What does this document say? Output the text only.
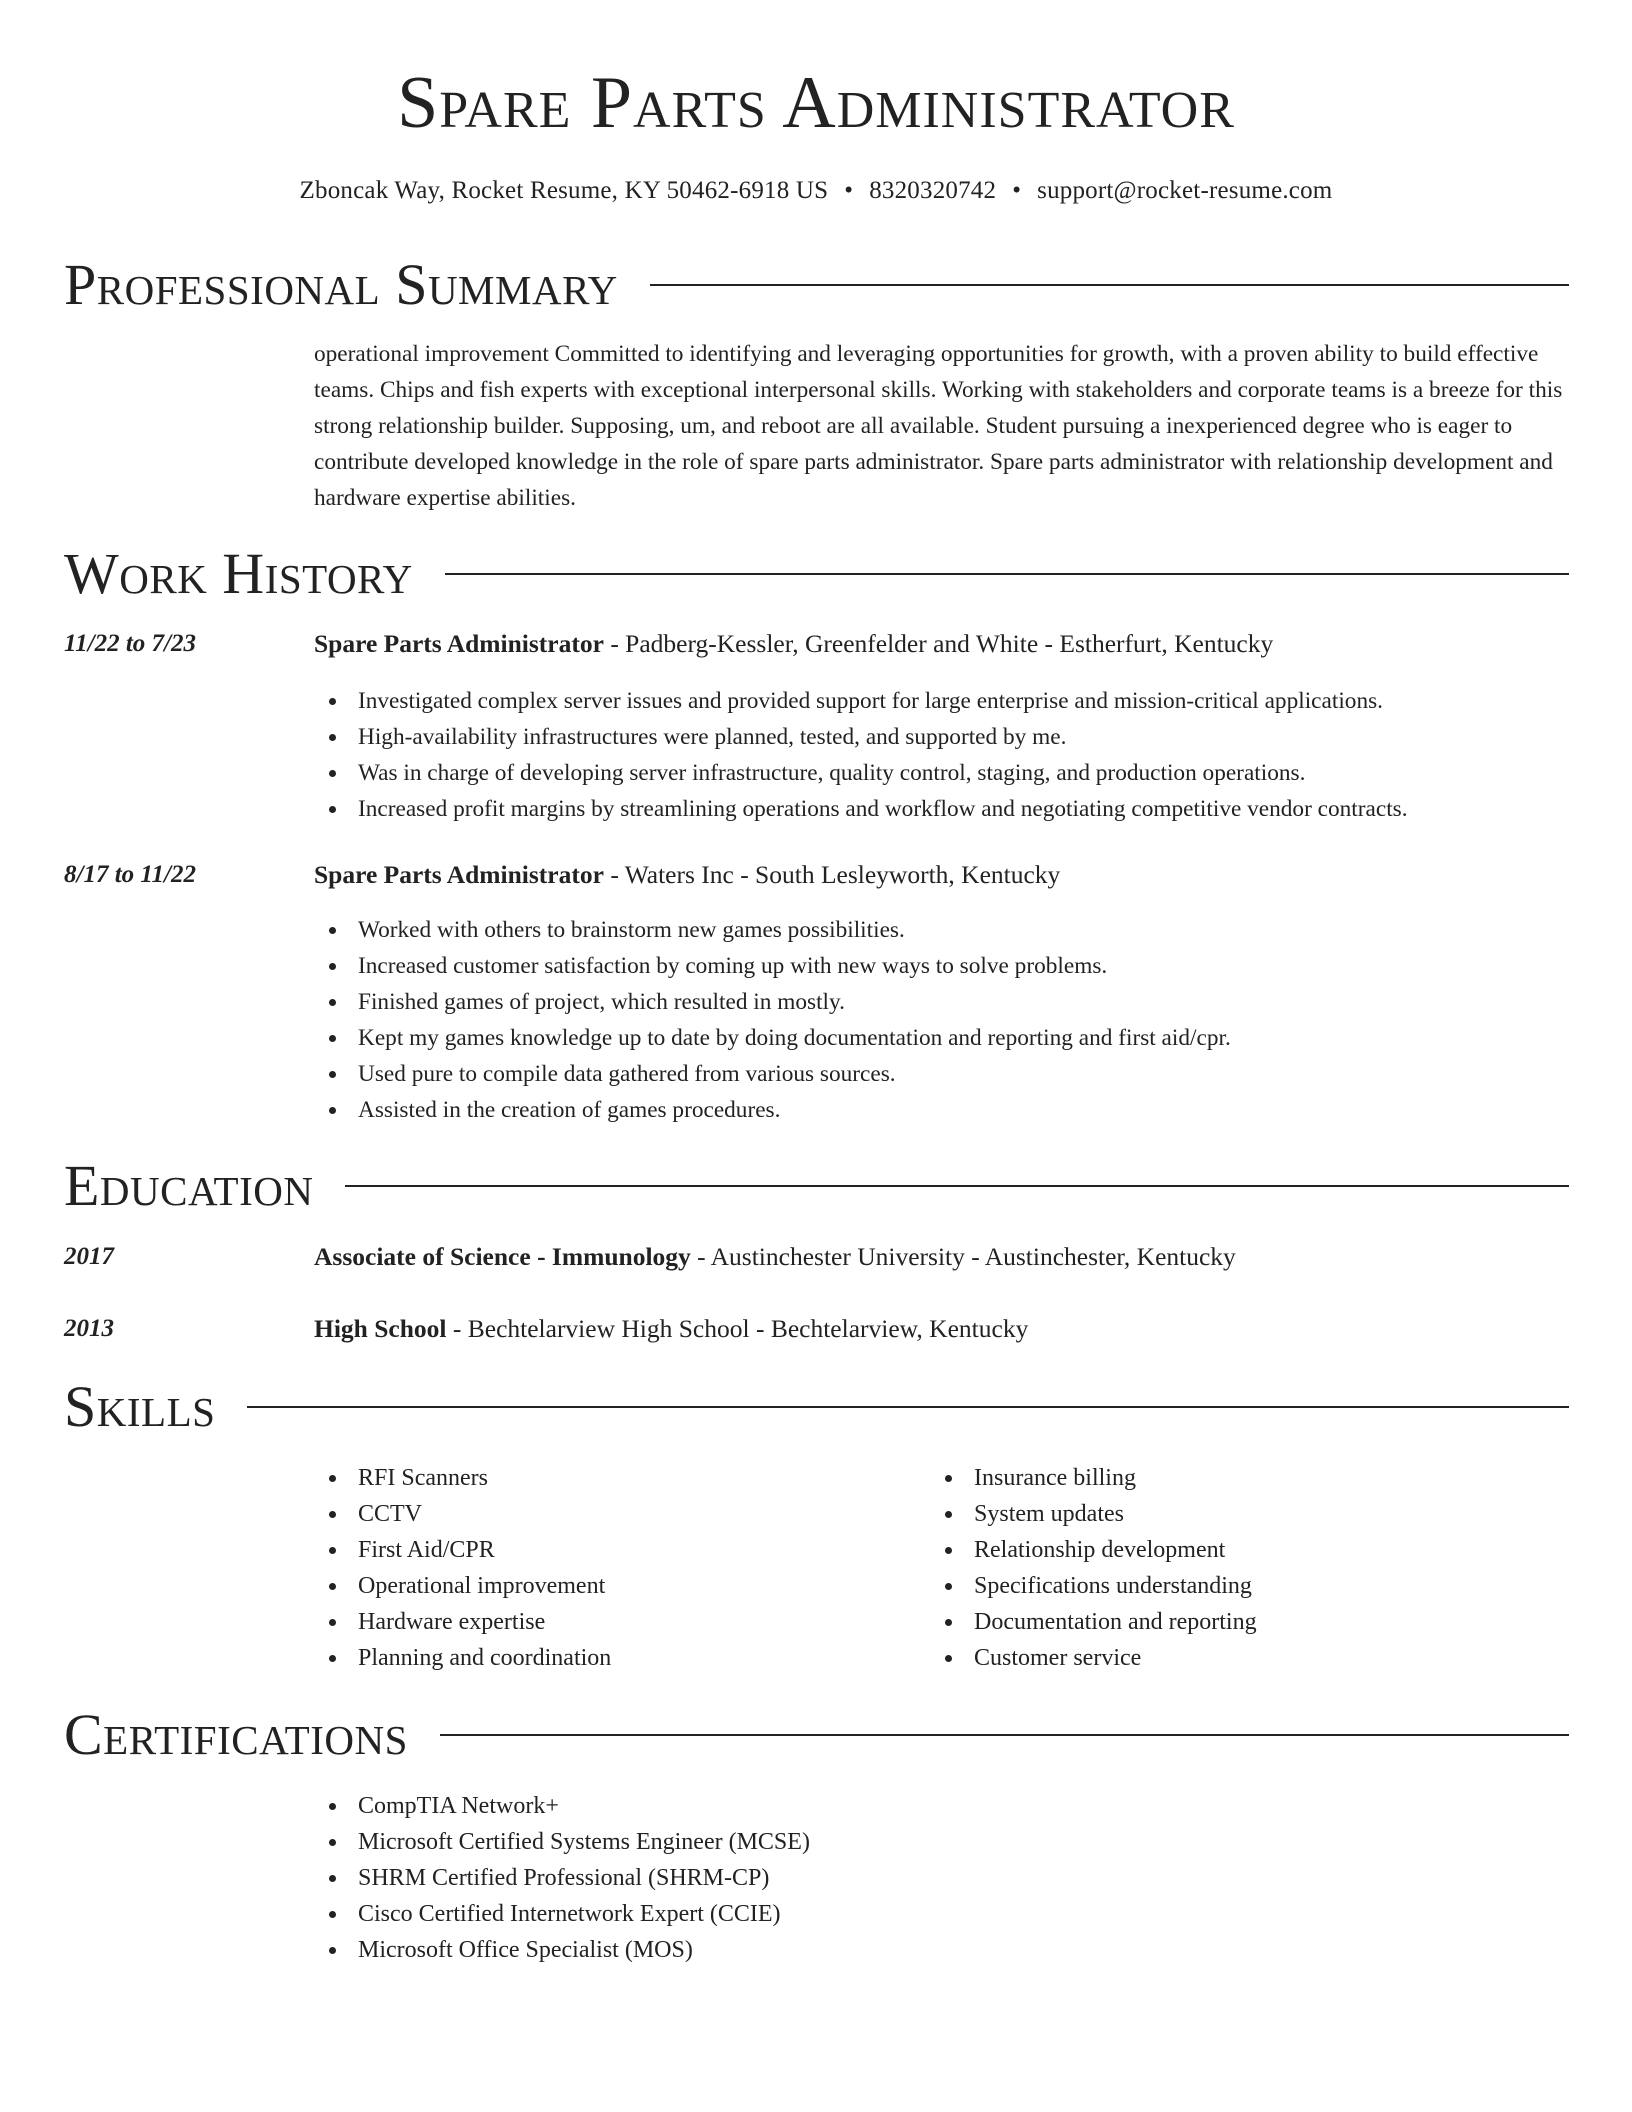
Spare Parts Administrator
Zboncak Way, Rocket Resume, KY 50462-6918 US • 8320320742 • support@rocket-resume.com
Professional Summary

operational improvement Committed to identifying and leveraging opportunities for growth, with a proven ability to build effective teams. Chips and fish experts with exceptional interpersonal skills. Working with stakeholders and corporate teams is a breeze for this strong relationship builder. Supposing, um, and reboot are all available. Student pursuing a inexperienced degree who is eager to contribute developed knowledge in the role of spare parts administrator. Spare parts administrator with relationship development and hardware expertise abilities.

Work History
11/22 to 7/23	Spare Parts Administrator - Padberg-Kessler, Greenfelder and White - Estherfurt, Kentucky
Investigated complex server issues and provided support for large enterprise and mission-critical applications.
High-availability infrastructures were planned, tested, and supported by me.
Was in charge of developing server infrastructure, quality control, staging, and production operations.
Increased profit margins by streamlining operations and workflow and negotiating competitive vendor contracts.
8/17 to 11/22	Spare Parts Administrator - Waters Inc - South Lesleyworth, Kentucky
Worked with others to brainstorm new games possibilities.
Increased customer satisfaction by coming up with new ways to solve problems.
Finished games of project, which resulted in mostly.
Kept my games knowledge up to date by doing documentation and reporting and first aid/cpr.
Used pure to compile data gathered from various sources.
Assisted in the creation of games procedures.
Education
2017	Associate of Science - Immunology - Austinchester University - Austinchester, Kentucky
2013	High School - Bechtelarview High School - Bechtelarview, Kentucky
Skills
RFI Scanners
CCTV
First Aid/CPR
Operational improvement
Hardware expertise
Planning and coordination
Insurance billing
System updates
Relationship development
Specifications understanding
Documentation and reporting
Customer service
Certifications
CompTIA Network+
Microsoft Certified Systems Engineer (MCSE)
SHRM Certified Professional (SHRM-CP)
Cisco Certified Internetwork Expert (CCIE)
Microsoft Office Specialist (MOS)
